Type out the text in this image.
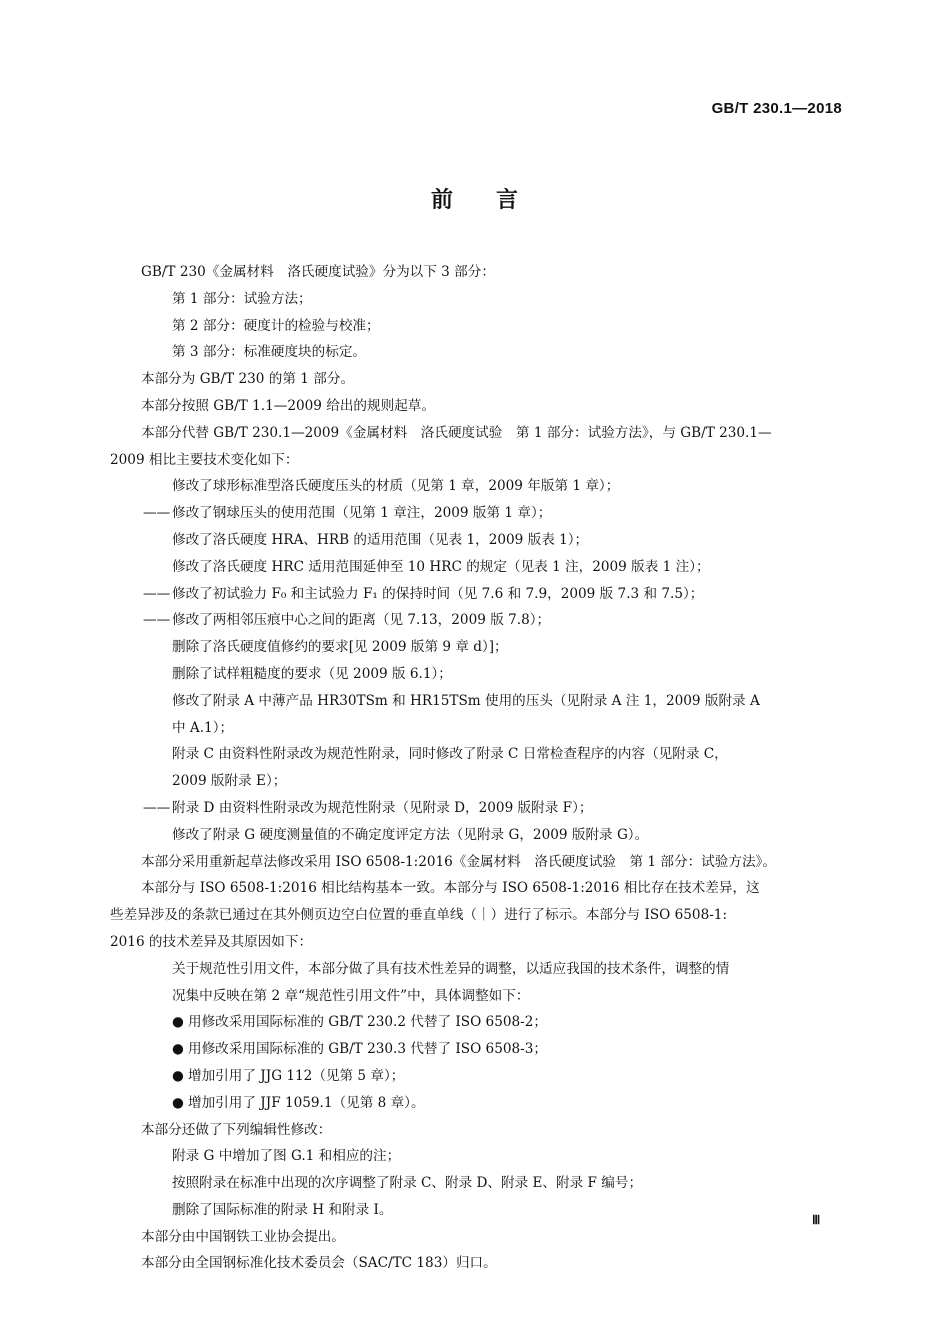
GB/T 230.1—2018
前 言
GB/T 230《金属材料　洛氏硬度试验》分为以下 3 部分：
第 1 部分：试验方法；
第 2 部分：硬度计的检验与校准；
第 3 部分：标准硬度块的标定。
本部分为 GB/T 230 的第 1 部分。
本部分按照 GB/T 1.1—2009 给出的规则起草。
本部分代替 GB/T 230.1—2009《金属材料　洛氏硬度试验　第 1 部分：试验方法》，与 GB/T 230.1—
2009 相比主要技术变化如下：
修改了球形标准型洛氏硬度压头的材质（见第 1 章，2009 年版第 1 章）；
—— 修改了钢球压头的使用范围（见第 1 章注，2009 版第 1 章）；
修改了洛氏硬度 HRA、HRB 的适用范围（见表 1，2009 版表 1）；
修改了洛氏硬度 HRC 适用范围延伸至 10 HRC 的规定（见表 1 注，2009 版表 1 注）；
—— 修改了初试验力 F₀ 和主试验力 F₁ 的保持时间（见 7.6 和 7.9，2009 版 7.3 和 7.5）；
—— 修改了两相邻压痕中心之间的距离（见 7.13，2009 版 7.8）；
删除了洛氏硬度值修约的要求[见 2009 版第 9 章 d）]；
删除了试样粗糙度的要求（见 2009 版 6.1）；
修改了附录 A 中薄产品 HR30TSm 和 HR15TSm 使用的压头（见附录 A 注 1，2009 版附录 A
中 A.1）；
附录 C 由资料性附录改为规范性附录，同时修改了附录 C 日常检查程序的内容（见附录 C，
2009 版附录 E）；
—— 附录 D 由资料性附录改为规范性附录（见附录 D，2009 版附录 F）；
修改了附录 G 硬度测量值的不确定度评定方法（见附录 G，2009 版附录 G）。
本部分采用重新起草法修改采用 ISO 6508-1:2016《金属材料　洛氏硬度试验　第 1 部分：试验方法》。
本部分与 ISO 6508-1:2016 相比结构基本一致。本部分与 ISO 6508-1:2016 相比存在技术差异，这
些差异涉及的条款已通过在其外侧页边空白位置的垂直单线（｜）进行了标示。本部分与 ISO 6508-1:
2016 的技术差异及其原因如下：
关于规范性引用文件，本部分做了具有技术性差异的调整，以适应我国的技术条件，调整的情
况集中反映在第 2 章“规范性引用文件”中，具体调整如下：
● 用修改采用国际标准的 GB/T 230.2 代替了 ISO 6508-2；
● 用修改采用国际标准的 GB/T 230.3 代替了 ISO 6508-3；
● 增加引用了 JJG 112（见第 5 章）；
● 增加引用了 JJF 1059.1（见第 8 章）。
本部分还做了下列编辑性修改：
附录 G 中增加了图 G.1 和相应的注；
按照附录在标准中出现的次序调整了附录 C、附录 D、附录 E、附录 F 编号；
删除了国际标准的附录 H 和附录 I。
本部分由中国钢铁工业协会提出。
本部分由全国钢标准化技术委员会（SAC/TC 183）归口。
Ⅲ
